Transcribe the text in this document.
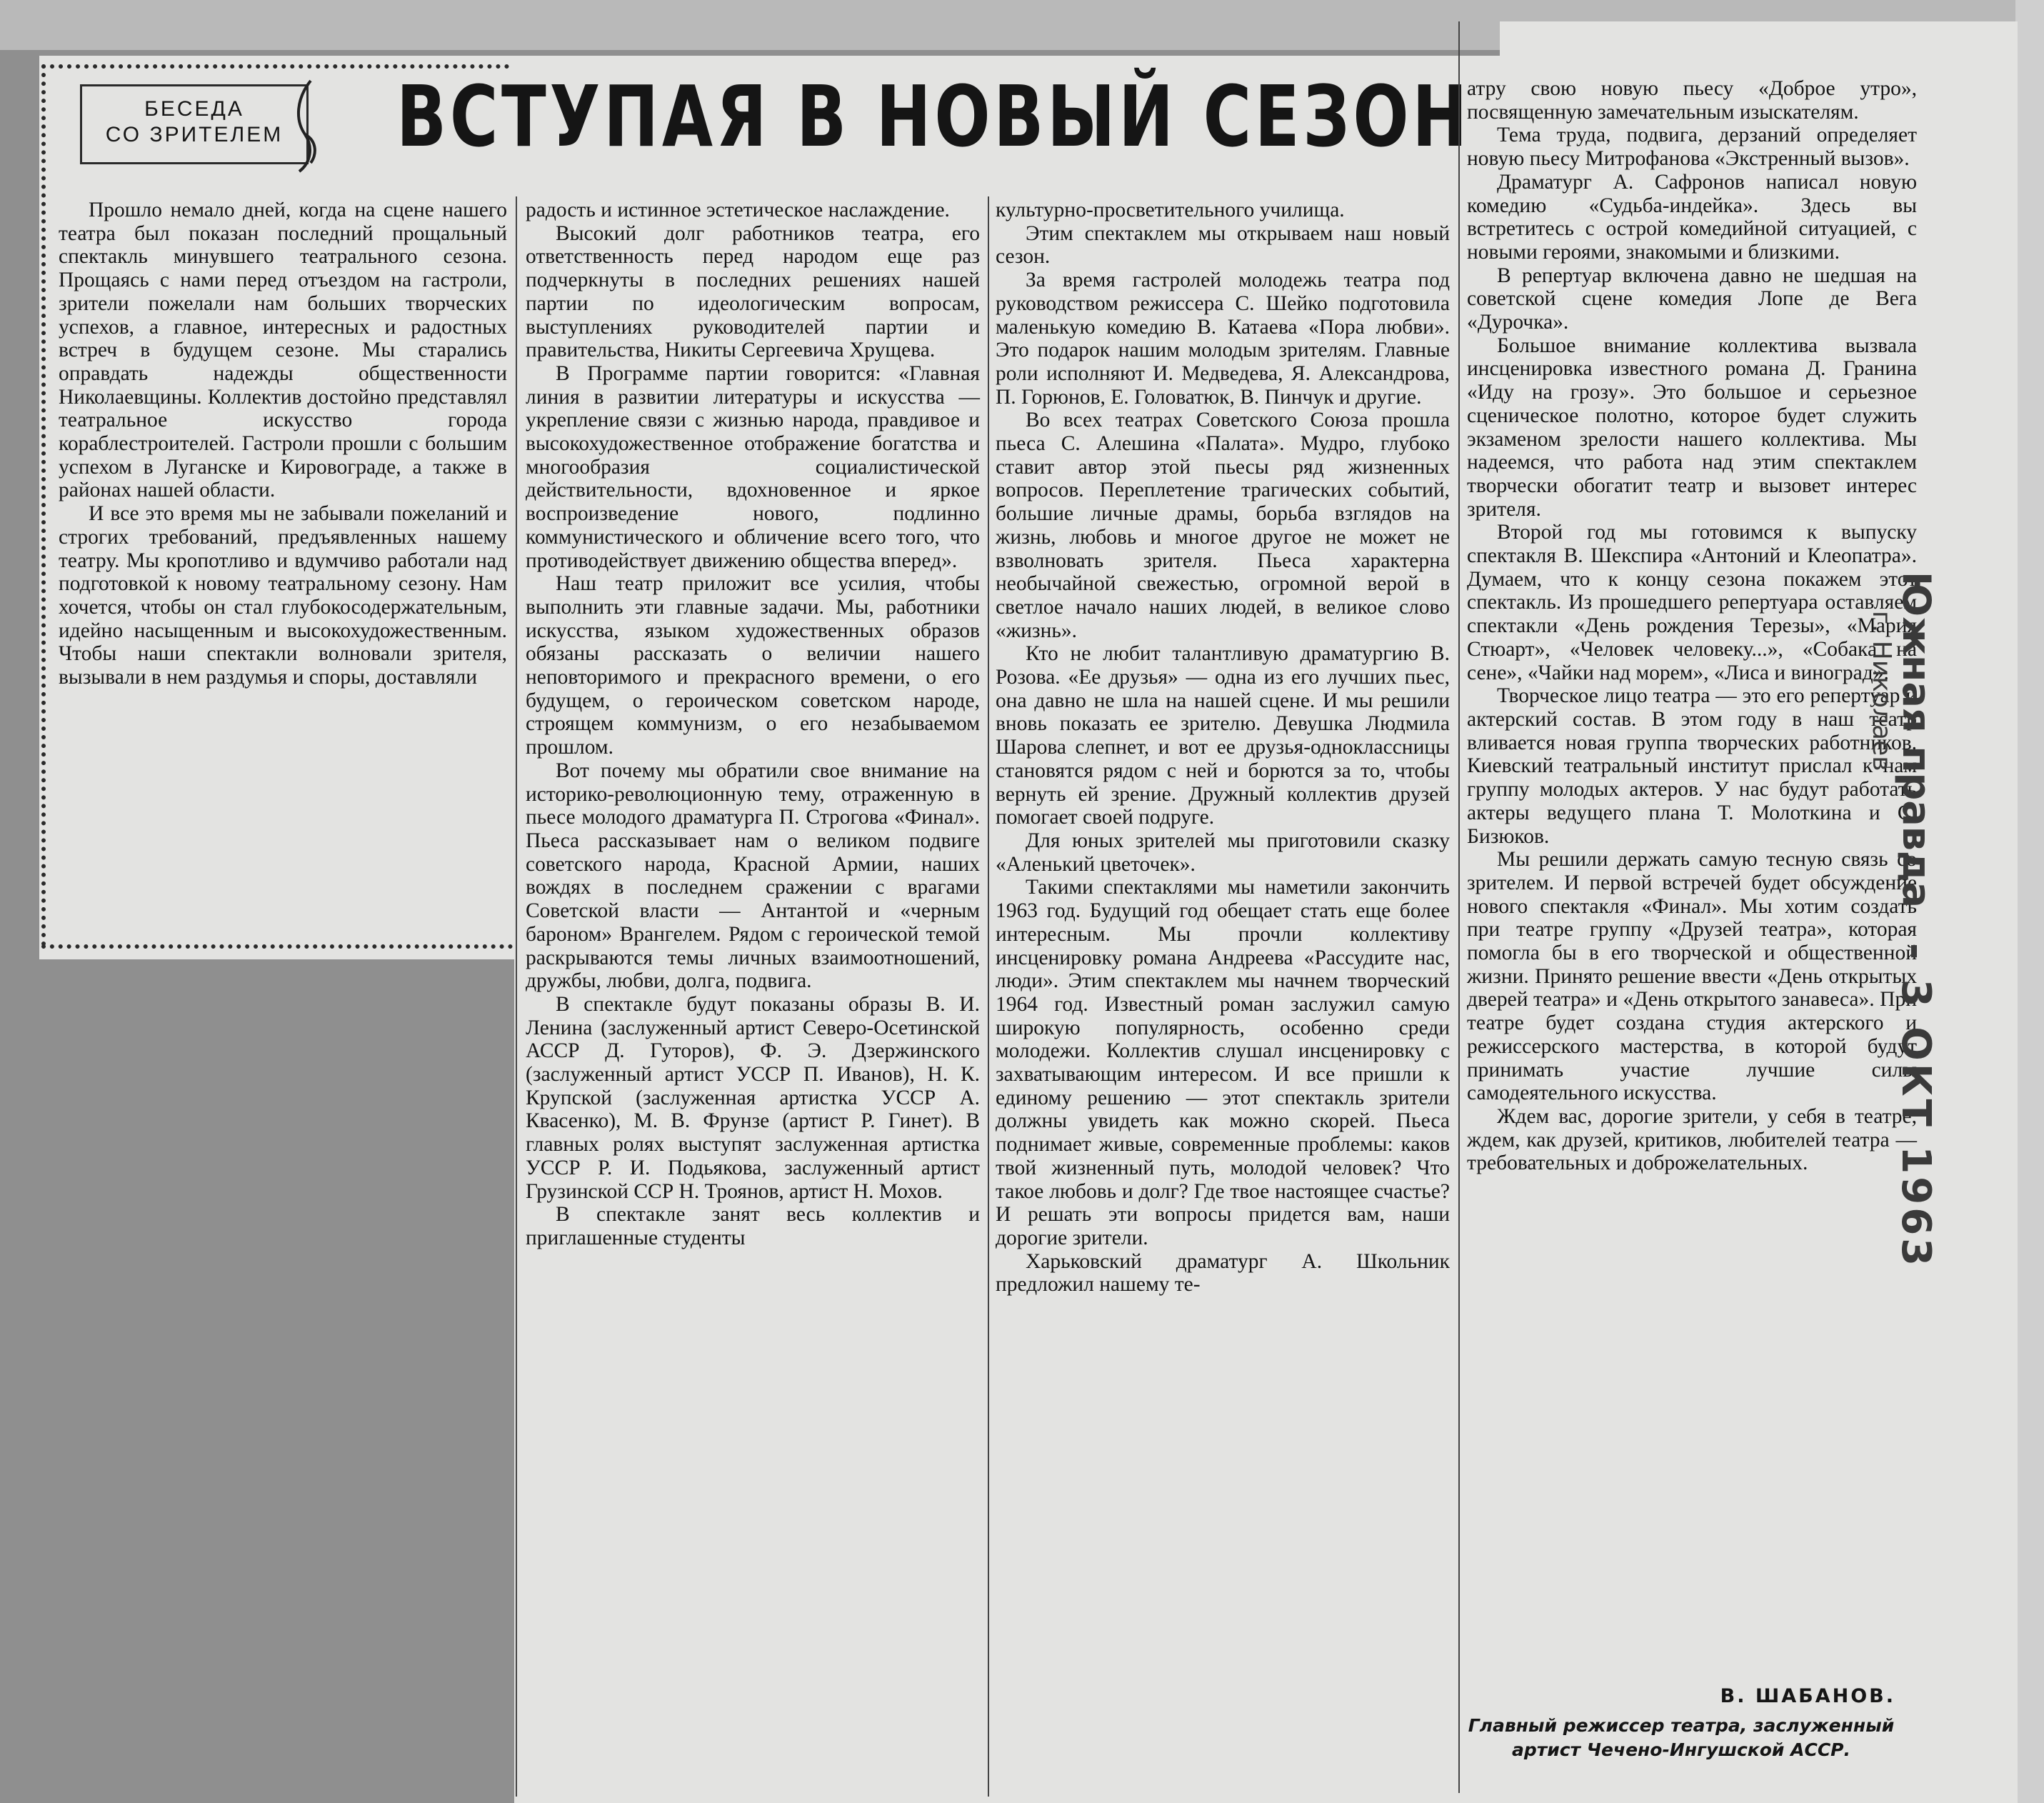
БЕСЕДА
СО ЗРИТЕЛЕМ ВСТУПАЯ В НОВЫЙ СЕЗОН

Прошло немало дней, когда на сцене нашего театра был показан последний прощальный спектакль минувшего театрального сезона. Прощаясь с нами перед отъездом на гастроли, зрители пожелали нам больших творческих успехов, а главное, интересных и радостных встреч в будущем сезоне. Мы старались оправдать надежды общественности Николаевщины. Коллектив достойно представлял театральное искусство города кораблестроителей. Гастроли прошли с большим успехом в Луганске и Кировограде, а также в районах нашей области.

И все это время мы не забывали пожеланий и строгих требований, предъявленных нашему театру. Мы кропотливо и вдумчиво работали над подготовкой к новому театральному сезону. Нам хочется, чтобы он стал глубокосодержательным, идейно насыщенным и высокохудожественным. Чтобы наши спектакли волновали зрителя, вызывали в нем раздумья и споры, доставляли

радость и истинное эстетическое наслаждение.

Высокий долг работников театра, его ответственность перед народом еще раз подчеркнуты в последних решениях нашей партии по идеологическим вопросам, выступлениях руководителей партии и правительства, Никиты Сергеевича Хрущева.

В Программе партии говорится: «Главная линия в развитии литературы и искусства — укрепление связи с жизнью народа, правдивое и высокохудожественное отображение богатства и многообразия социалистической действительности, вдохновенное и яркое воспроизведение нового, подлинно коммунистического и обличение всего того, что противодействует движению общества вперед».

Наш театр приложит все усилия, чтобы выполнить эти главные задачи. Мы, работники искусства, языком художественных образов обязаны рассказать о величии нашего неповторимого и прекрасного времени, о его будущем, о героическом советском народе, строящем коммунизм, о его незабываемом прошлом.

Вот почему мы обратили свое внимание на историко-революционную тему, отраженную в пьесе молодого драматурга П. Строгова «Финал». Пьеса рассказывает нам о великом подвиге советского народа, Красной Армии, наших вождях в последнем сражении с врагами Советской власти — Антантой и «черным бароном» Врангелем. Рядом с героической темой раскрываются темы личных взаимоотношений, дружбы, любви, долга, подвига.

В спектакле будут показаны образы В. И. Ленина (заслуженный артист Северо-Осетинской АССР Д. Гуторов), Ф. Э. Дзержинского (заслуженный артист УССР П. Иванов), Н. К. Крупской (заслуженная артистка УССР А. Квасенко), М. В. Фрунзе (артист Р. Гинет). В главных ролях выступят заслуженная артистка УССР Р. И. Подьякова, заслуженный артист Грузинской ССР Н. Троянов, артист Н. Мохов.

В спектакле занят весь коллектив и приглашенные студенты

культурно-просветительного училища.

Этим спектаклем мы открываем наш новый сезон.

За время гастролей молодежь театра под руководством режиссера С. Шейко подготовила маленькую комедию В. Катаева «Пора любви». Это подарок нашим молодым зрителям. Главные роли исполняют И. Медведева, Я. Александрова, П. Горюнов, Е. Головатюк, В. Пинчук и другие.

Во всех театрах Советского Союза прошла пьеса С. Алешина «Палата». Мудро, глубоко ставит автор этой пьесы ряд жизненных вопросов. Переплетение трагических событий, большие личные драмы, борьба взглядов на жизнь, любовь и многое другое не может не взволновать зрителя. Пьеса характерна необычайной свежестью, огромной верой в светлое начало наших людей, в великое слово «жизнь».

Кто не любит талантливую драматургию В. Розова. «Ее друзья» — одна из его лучших пьес, она давно не шла на нашей сцене. И мы решили вновь показать ее зрителю. Девушка Людмила Шарова слепнет, и вот ее друзья-одноклассницы становятся рядом с ней и борются за то, чтобы вернуть ей зрение. Дружный коллектив друзей помогает своей подруге.

Для юных зрителей мы приготовили сказку «Аленький цветочек».

Такими спектаклями мы наметили закончить 1963 год. Будущий год обещает стать еще более интересным. Мы прочли коллективу инсценировку романа Андреева «Рассудите нас, люди». Этим спектаклем мы начнем творческий 1964 год. Известный роман заслужил самую широкую популярность, особенно среди молодежи. Коллектив слушал инсценировку с захватывающим интересом. И все пришли к единому решению — этот спектакль зрители должны увидеть как можно скорей. Пьеса поднимает живые, современные проблемы: каков твой жизненный путь, молодой человек? Что такое любовь и долг? Где твое настоящее счастье? И решать эти вопросы придется вам, наши дорогие зрители.

Харьковский драматург А. Школьник предложил нашему те-

атру свою новую пьесу «Доброе утро», посвященную замечательным изыскателям.

Тема труда, подвига, дерзаний определяет новую пьесу Митрофанова «Экстренный вызов».

Драматург А. Сафронов написал новую комедию «Судьба-индейка». Здесь вы встретитесь с острой комедийной ситуацией, с новыми героями, знакомыми и близкими.

В репертуар включена давно не шедшая на советской сцене комедия Лопе де Вега «Дурочка».

Большое внимание коллектива вызвала инсценировка известного романа Д. Гранина «Иду на грозу». Это большое и серьезное сценическое полотно, которое будет служить экзаменом зрелости нашего коллектива. Мы надеемся, что работа над этим спектаклем творчески обогатит театр и вызовет интерес зрителя.

Второй год мы готовимся к выпуску спектакля В. Шекспира «Антоний и Клеопатра». Думаем, что к концу сезона покажем этот спектакль. Из прошедшего репертуара оставляем спектакли «День рождения Терезы», «Мария Стюарт», «Человек человеку...», «Собака на сене», «Чайки над морем», «Лиса и виноград».

Творческое лицо театра — это его репертуар и актерский состав. В этом году в наш театр вливается новая группа творческих работников. Киевский театральный институт прислал к нам группу молодых актеров. У нас будут работать актеры ведущего плана Т. Молоткина и С. Бизюков.

Мы решили держать самую тесную связь со зрителем. И первой встречей будет обсуждение нового спектакля «Финал». Мы хотим создать при театре группу «Друзей театра», которая помогла бы в его творческой и общественной жизни. Принято решение ввести «День открытых дверей театра» и «День открытого занавеса». При театре будет создана студия актерского и режиссерского мастерства, в которой будут принимать участие лучшие силы самодеятельного искусства.

Ждем вас, дорогие зрители, у себя в театре, ждем, как друзей, критиков, любителей театра — требовательных и доброжелательных.

В. ШАБАНОВ.
Главный режиссер театра, заслуженный артист Чечено-Ингушской АССР.
Южная правда
г. Николаев
- 3 ОКТ 1963
